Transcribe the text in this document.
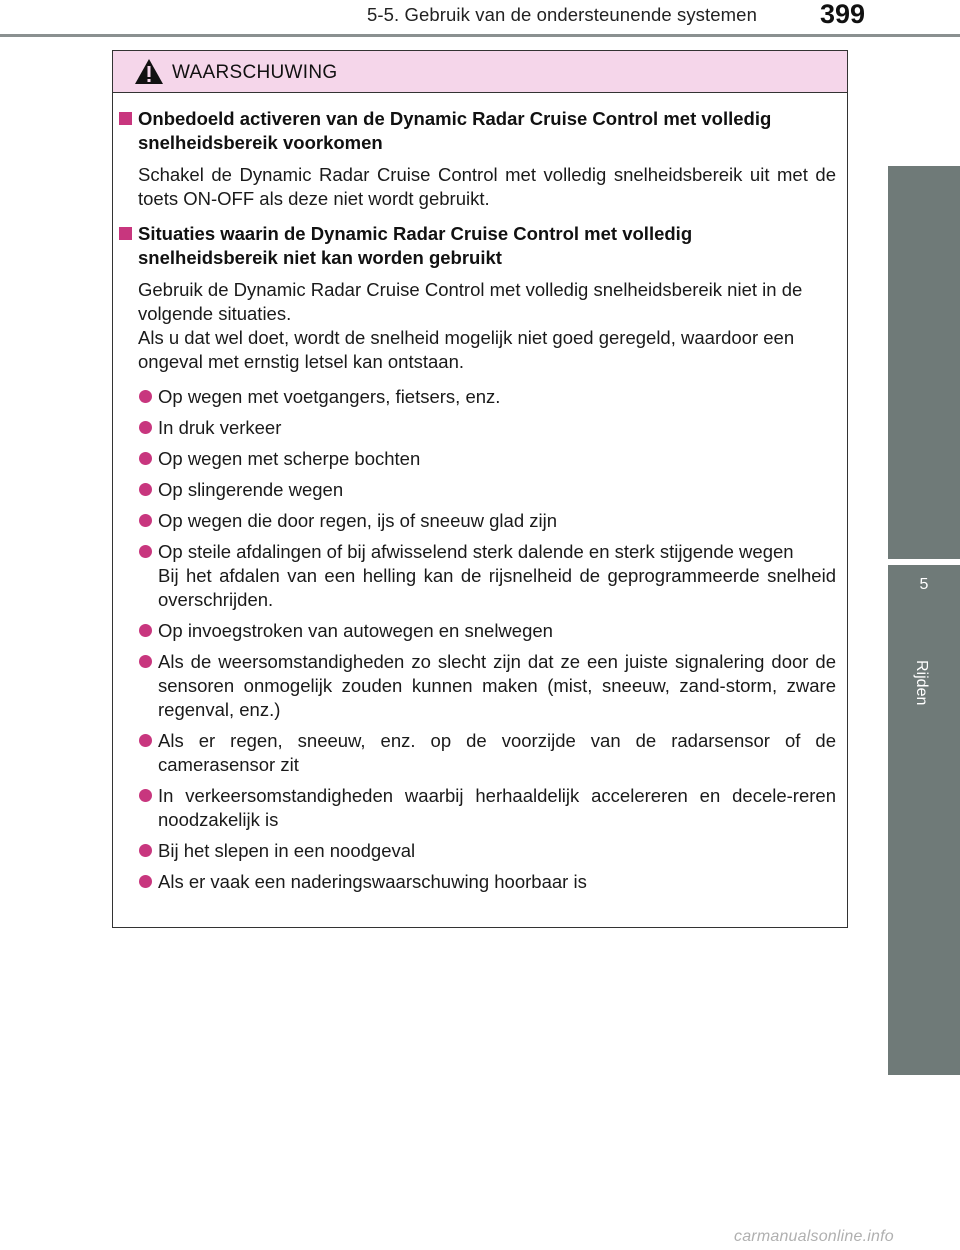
5-5. Gebruik van de ondersteunende systemen	399
5
Rijden
WAARSCHUWING
Onbedoeld activeren van de Dynamic Radar Cruise Control met volledig
snelheidsbereik voorkomen
Schakel de Dynamic Radar Cruise Control met volledig snelheidsbereik uit met de toets ON-OFF als deze niet wordt gebruikt.
Situaties waarin de Dynamic Radar Cruise Control met volledig
snelheidsbereik niet kan worden gebruikt
Gebruik de Dynamic Radar Cruise Control met volledig snelheidsbereik niet in de volgende situaties.
Als u dat wel doet, wordt de snelheid mogelijk niet goed geregeld, waardoor een ongeval met ernstig letsel kan ontstaan.
Op wegen met voetgangers, fietsers, enz.
In druk verkeer
Op wegen met scherpe bochten
Op slingerende wegen
Op wegen die door regen, ijs of sneeuw glad zijn
Op steile afdalingen of bij afwisselend sterk dalende en sterk stijgende wegen
Bij het afdalen van een helling kan de rijsnelheid de geprogrammeerde snelheid overschrijden.
Op invoegstroken van autowegen en snelwegen
Als de weersomstandigheden zo slecht zijn dat ze een juiste signalering door de sensoren onmogelijk zouden kunnen maken (mist, sneeuw, zand-storm, zware regenval, enz.)
Als er regen, sneeuw, enz. op de voorzijde van de radarsensor of de camerasensor zit
In verkeersomstandigheden waarbij herhaaldelijk accelereren en decele-reren noodzakelijk is
Bij het slepen in een noodgeval
Als er vaak een naderingswaarschuwing hoorbaar is
carmanualsonline.info
